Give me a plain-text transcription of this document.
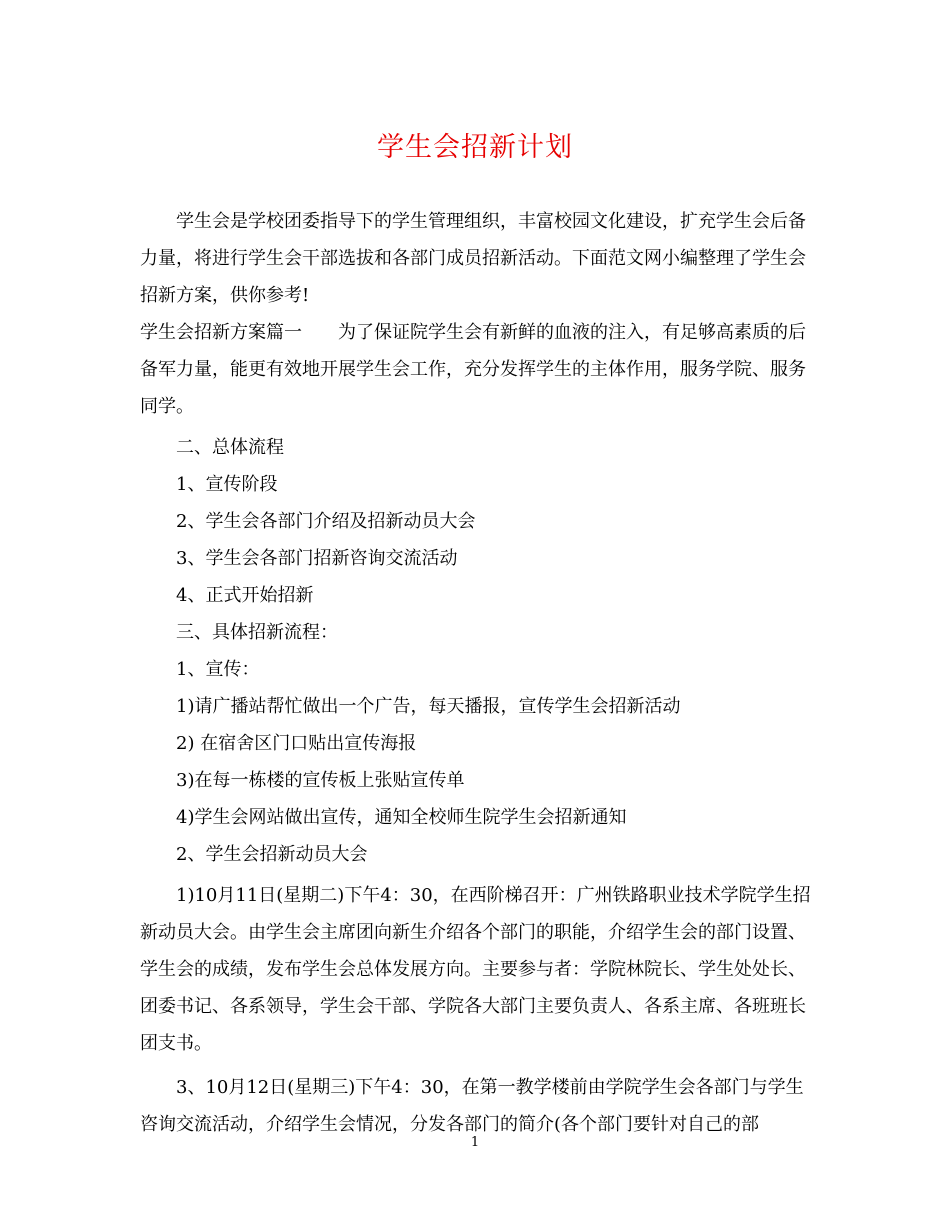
学生会招新计划

学生会是学校团委指导下的学生管理组织，丰富校园文化建设，扩充学生会后备力量，将进行学生会干部选拔和各部门成员招新活动。下面范文网小编整理了学生会招新方案，供你参考!

学生会招新方案篇一　　为了保证院学生会有新鲜的血液的注入，有足够高素质的后备军力量，能更有效地开展学生会工作，充分发挥学生的主体作用，服务学院、服务同学。

二、总体流程

1、宣传阶段

2、学生会各部门介绍及招新动员大会

3、学生会各部门招新咨询交流活动

4、正式开始招新

三、具体招新流程：

1、宣传：

1)请广播站帮忙做出一个广告，每天播报，宣传学生会招新活动

2) 在宿舍区门口贴出宣传海报

3)在每一栋楼的宣传板上张贴宣传单

4)学生会网站做出宣传，通知全校师生院学生会招新通知

2、学生会招新动员大会

1)10月11日(星期二)下午4：30，在西阶梯召开：广州铁路职业技术学院学生招新动员大会。由学生会主席团向新生介绍各个部门的职能，介绍学生会的部门设置、学生会的成绩，发布学生会总体发展方向。主要参与者：学院林院长、学生处处长、团委书记、各系领导，学生会干部、学院各大部门主要负责人、各系主席、各班班长团支书。

3、10月12日(星期三)下午4：30，在第一教学楼前由学院学生会各部门与学生咨询交流活动，介绍学生会情况，分发各部门的简介(各个部门要针对自己的部

1
